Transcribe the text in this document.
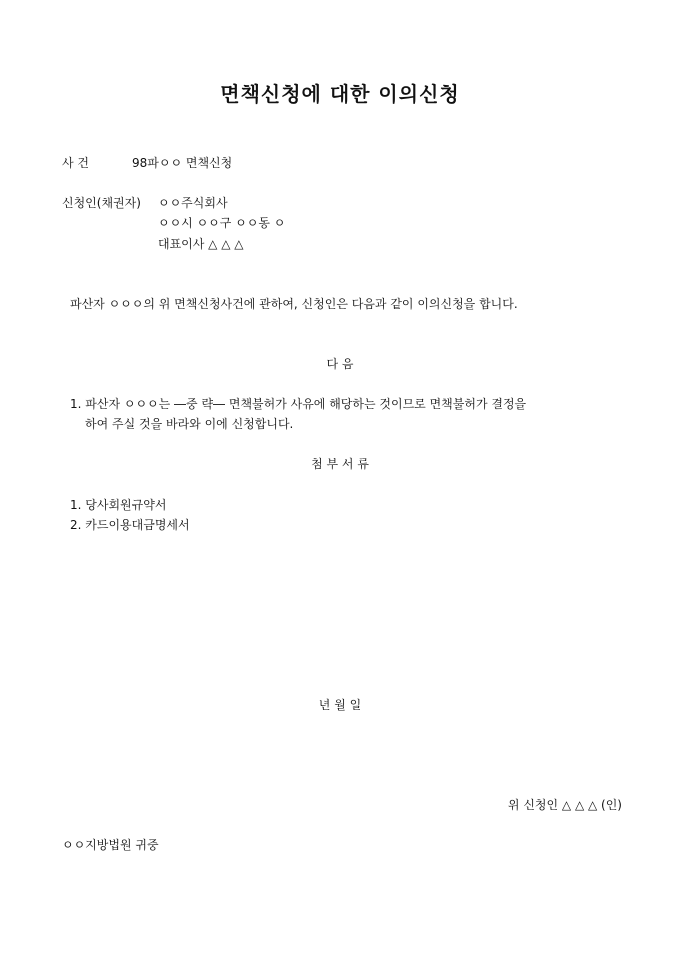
면책신청에 대한 이의신청
사 건	98파ㅇㅇ 면책신청
신청인(채권자) ㅇㅇ주식회사
ㅇㅇ시 ㅇㅇ구 ㅇㅇ동 ㅇ
대표이사 △ △ △
파산자 ㅇㅇㅇ의 위 면책신청사건에 관하여, 신청인은 다음과 같이 이의신청을 합니다.
다 음
1. 파산자 ㅇㅇㅇ는 ―중 략― 면책불허가 사유에 해당하는 것이므로 면책불허가 결정을
하여 주실 것을 바라와 이에 신청합니다.
첨 부 서 류
1. 당사회원규약서
2. 카드이용대금명세서
년 월 일
위 신청인 △ △ △ (인)
ㅇㅇ지방법원 귀중
